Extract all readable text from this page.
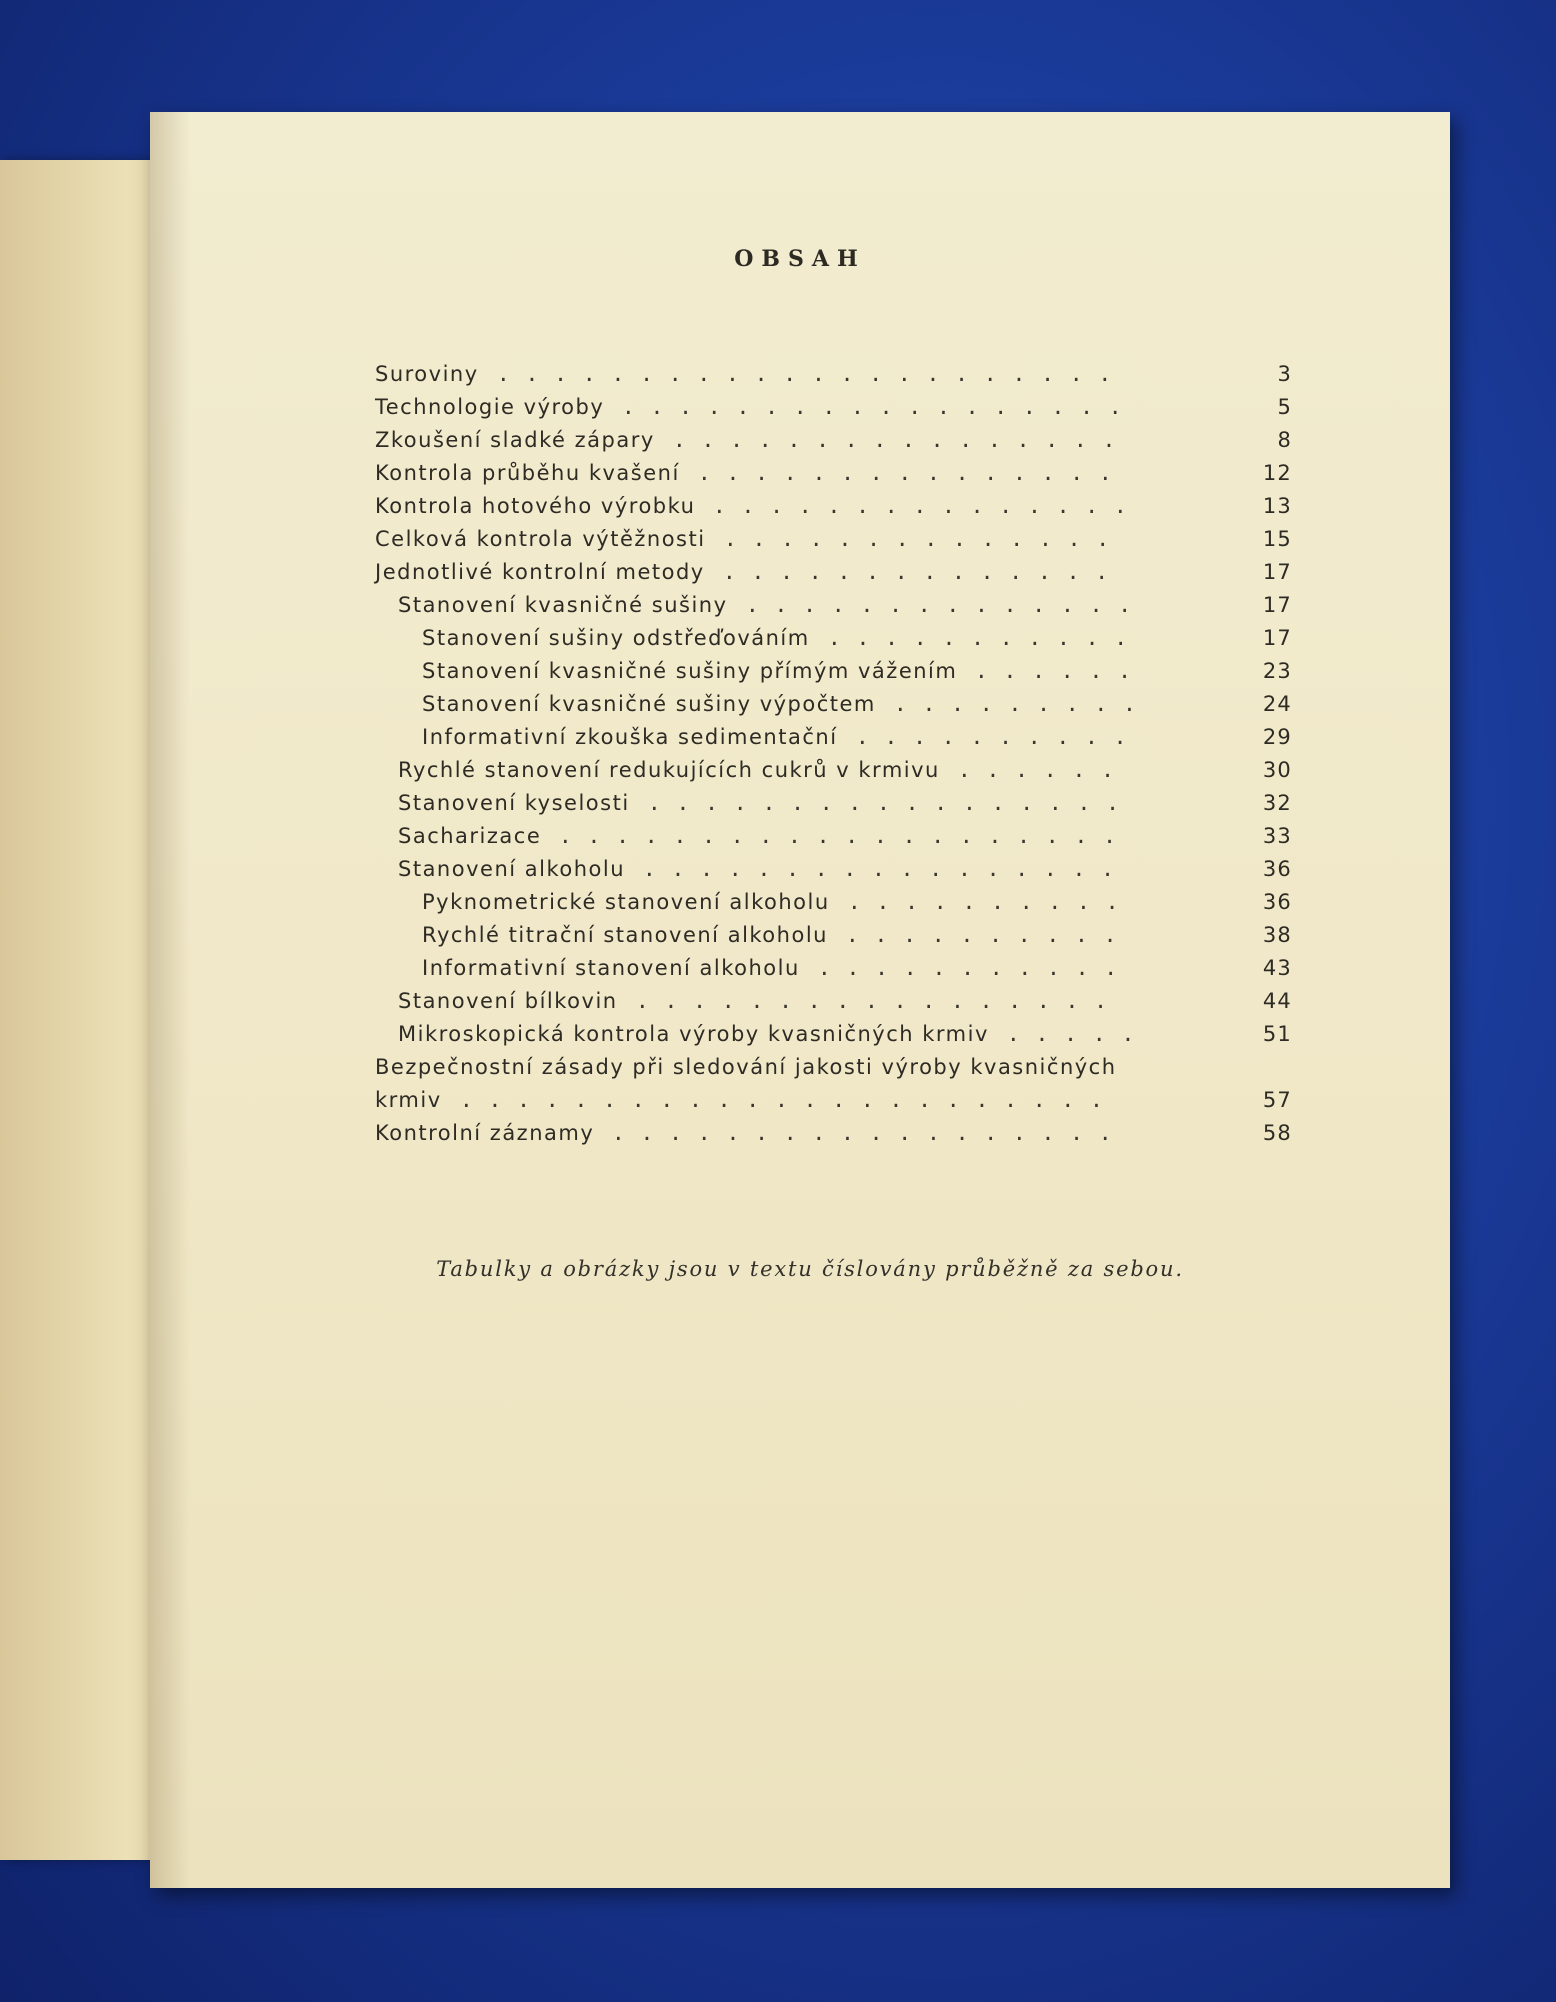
OBSAH
Suroviny ......................	3
Technologie výroby ..................	5
Zkoušení sladké zápary ................	8
Kontrola průběhu kvašení ...............	12
Kontrola hotového výrobku ...............	13
Celková kontrola výtěžnosti ..............	15
Jednotlivé kontrolní metody ..............	17
Stanovení kvasničné sušiny ..............	17
Stanovení sušiny odstřeďováním ...........	17
Stanovení kvasničné sušiny přímým vážením ......	23
Stanovení kvasničné sušiny výpočtem .........	24
Informativní zkouška sedimentační ..........	29
Rychlé stanovení redukujících cukrů v krmivu ......	30
Stanovení kyselosti .................	32
Sacharizace ....................	33
Stanovení alkoholu .................	36
Pyknometrické stanovení alkoholu ..........	36
Rychlé titrační stanovení alkoholu ..........	38
Informativní stanovení alkoholu ...........	43
Stanovení bílkovin .................	44
Mikroskopická kontrola výroby kvasničných krmiv .....	51
Bezpečnostní zásady při sledování jakosti výroby kvasničných
krmiv .......................	57
Kontrolní záznamy ..................	58
Tabulky a obrázky jsou v textu číslovány průběžně za sebou.
